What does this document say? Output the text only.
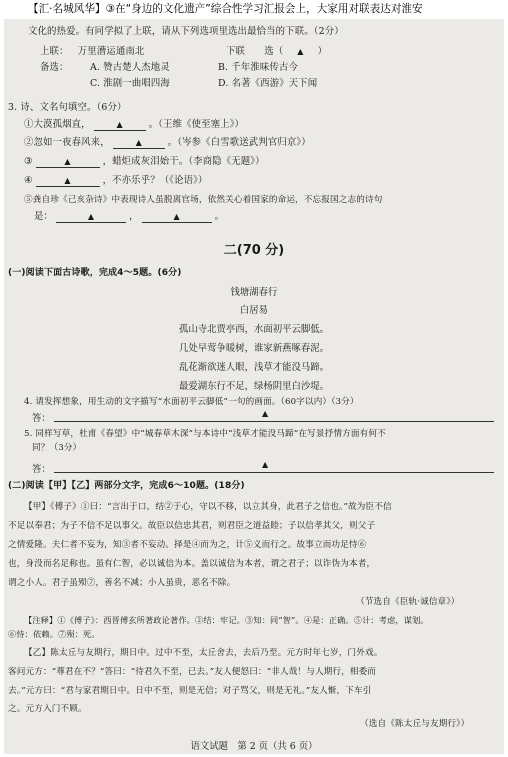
文化的热爱。有同学拟了上联，请从下列选项里选出最恰当的下联。（2分）
上联： 万里漕运通南北	下联 选（ ▲ ）
备选： A. 赞古楚人杰地灵	B. 千年淮味传古今
C. 淮剧一曲唱四海	D. 名著《西游》天下闻
3. 诗、文名句填空。（6分）
①大漠孤烟直，	▲	。（王维《使至塞上》）
②忽如一夜春风来，	▲	。（岑参《白雪歌送武判官归京》）
③	▲	，蜡炬成灰泪始干。（李商隐《无题》）
④	▲	，不亦乐乎？（《论语》）
⑤龚自珍《己亥杂诗》中表现诗人虽脱离官场，依然关心着国家的命运，不忘报国之志的诗句
是：	▲	，	▲	。
二(70 分)
(一)阅读下面古诗歌，完成4～5题。(6分)
钱塘湖春行
白居易
孤山寺北贾亭西，水面初平云脚低。
几处早莺争暖树，谁家新燕啄春泥。
乱花渐欲迷人眼，浅草才能没马蹄。
最爱湖东行不足，绿杨阴里白沙堤。
4. 请发挥想象，用生动的文字描写“水面初平云脚低”一句的画面。（60字以内）（3分）
答：	▲
5. 同样写草，杜甫《春望》中“城春草木深”与本诗中“浅草才能没马蹄”在写景抒情方面有何不
同？（3分）
答：	▲
(二)阅读【甲】【乙】两部分文字，完成6～10题。(18分)
【甲】《傅子》①曰：“言出于口，结②于心，守以不移，以立其身，此君子之信也。”故为臣不信
不足以奉君；为子不信不足以事父。故臣以信忠其君，则君臣之道益睦；子以信孝其父，则父子
之情爱隆。夫仁者不妄为，知③者不妄动。择是④而为之，计⑤义而行之。故事立而功足恃⑥
也，身没而名足称也。虽有仁智，必以诚信为本。盖以诚信为本者，谓之君子；以诈伪为本者，
谓之小人。君子虽殒⑦，善名不减；小人虽贵，恶名不除。
（节选自《臣轨·诚信章》）
【注释】①《傅子》：西晋傅玄所著政论著作。②结：牢记。③知：同“智”。④是：正确。⑤计：考虑，谋划。
⑥恃：依赖。⑦殒：死。
【乙】陈太丘与友期行，期日中。过中不至，太丘舍去，去后乃至。元方时年七岁，门外戏。
客问元方：“尊君在不？”答曰：“待君久不至，已去。”友人便怒曰：“非人哉！与人期行，相委而
去。”元方曰：“君与家君期日中。日中不至，则是无信；对子骂父，则是无礼。”友人惭，下车引
之。元方入门不顾。
（选自《陈太丘与友期行》）
语文试题　第 2 页（共 6 页）
【汇·名城风华】③在“身边的文化遗产”综合性学习汇报会上，大家用对联表达对淮安
